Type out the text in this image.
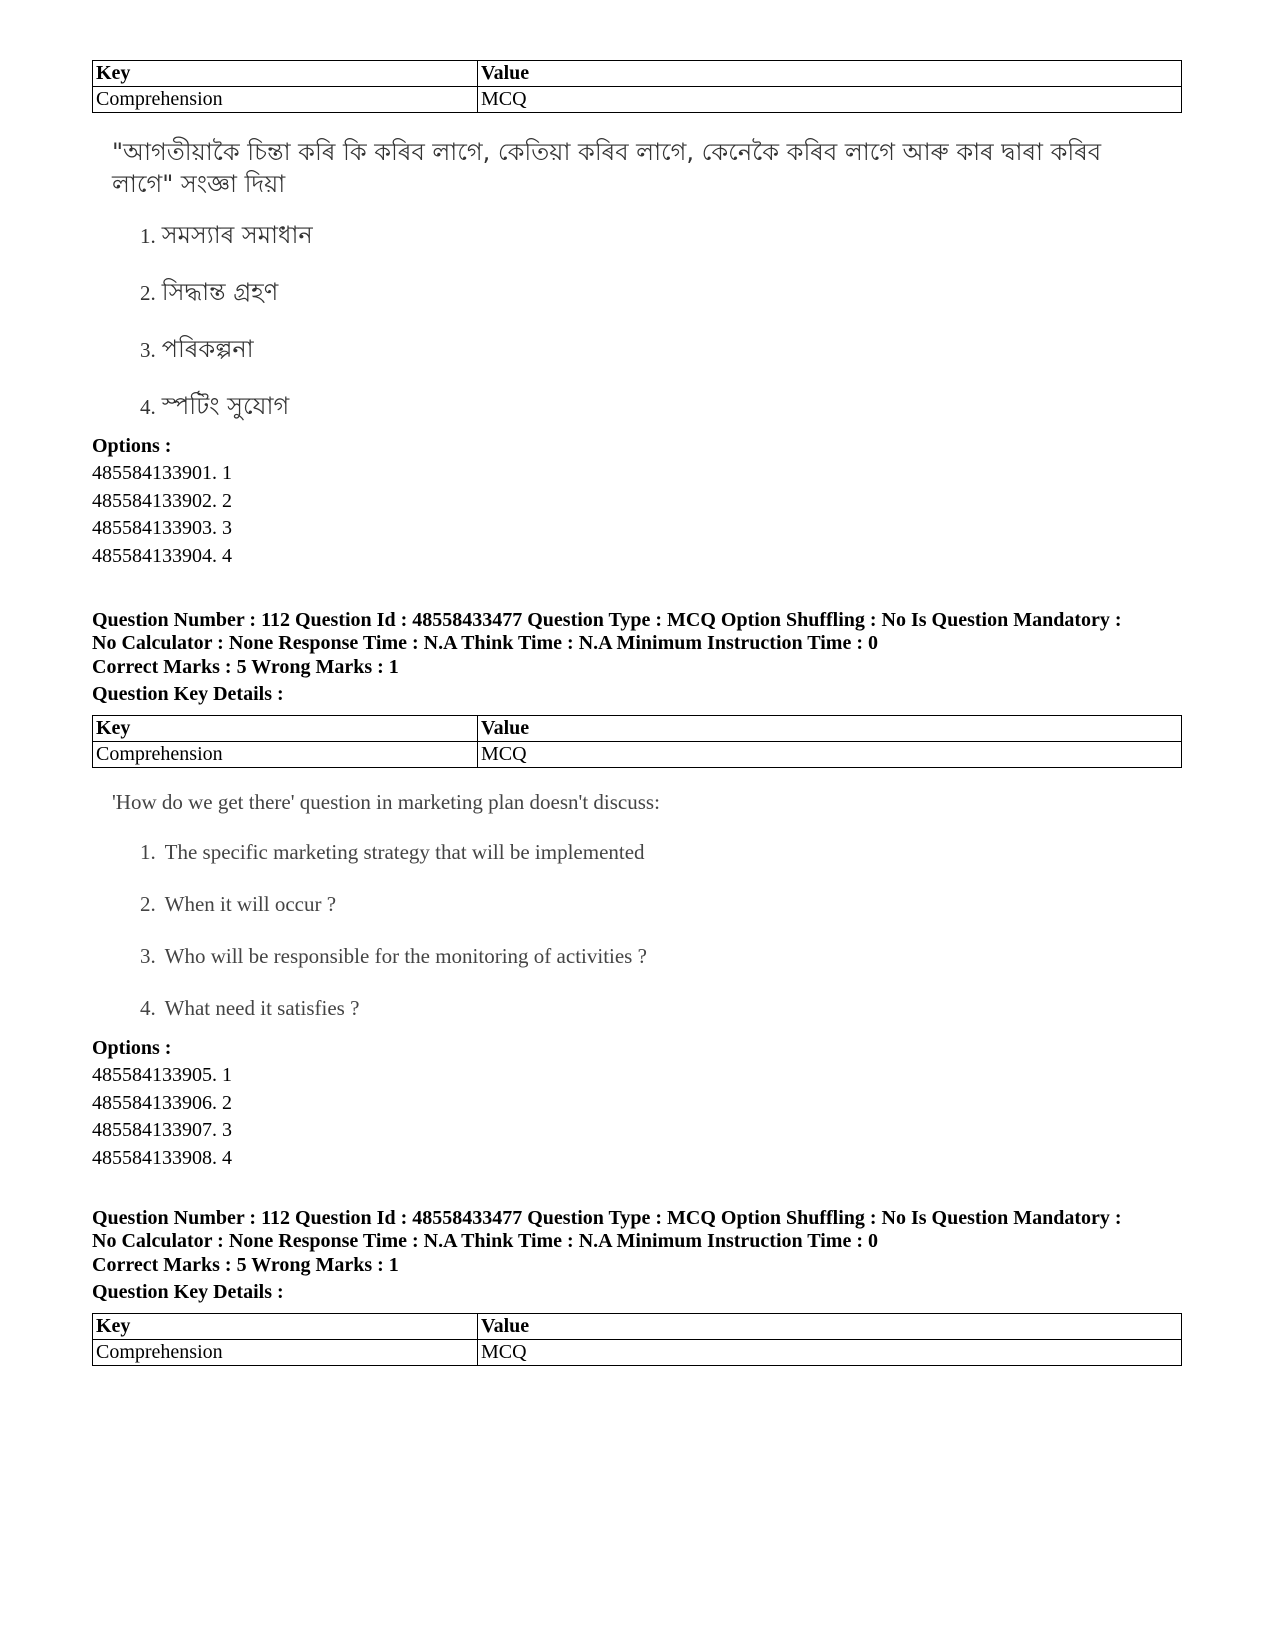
Key	Value
Comprehension	MCQ
"আগতীয়াকৈ চিন্তা কৰি কি কৰিব লাগে, কেতিয়া কৰিব লাগে, কেনেকৈ কৰিব লাগে আৰু কাৰ দ্বাৰা কৰিব লাগে" সংজ্ঞা দিয়া
1. সমস্যাৰ সমাধান
2. সিদ্ধান্ত গ্ৰহণ
3. পৰিকল্পনা
4. স্পটিং সুযোগ
Options :
485584133901. 1
485584133902. 2
485584133903. 3
485584133904. 4
Question Number : 112 Question Id : 48558433477 Question Type : MCQ Option Shuffling : No Is Question Mandatory :
No Calculator : None Response Time : N.A Think Time : N.A Minimum Instruction Time : 0
Correct Marks : 5 Wrong Marks : 1
Question Key Details :
Key	Value
Comprehension	MCQ
'How do we get there' question in marketing plan doesn't discuss:
1. The specific marketing strategy that will be implemented
2. When it will occur ?
3. Who will be responsible for the monitoring of activities ?
4. What need it satisfies ?
Options :
485584133905. 1
485584133906. 2
485584133907. 3
485584133908. 4
Question Number : 112 Question Id : 48558433477 Question Type : MCQ Option Shuffling : No Is Question Mandatory :
No Calculator : None Response Time : N.A Think Time : N.A Minimum Instruction Time : 0
Correct Marks : 5 Wrong Marks : 1
Question Key Details :
Key	Value
Comprehension	MCQ
